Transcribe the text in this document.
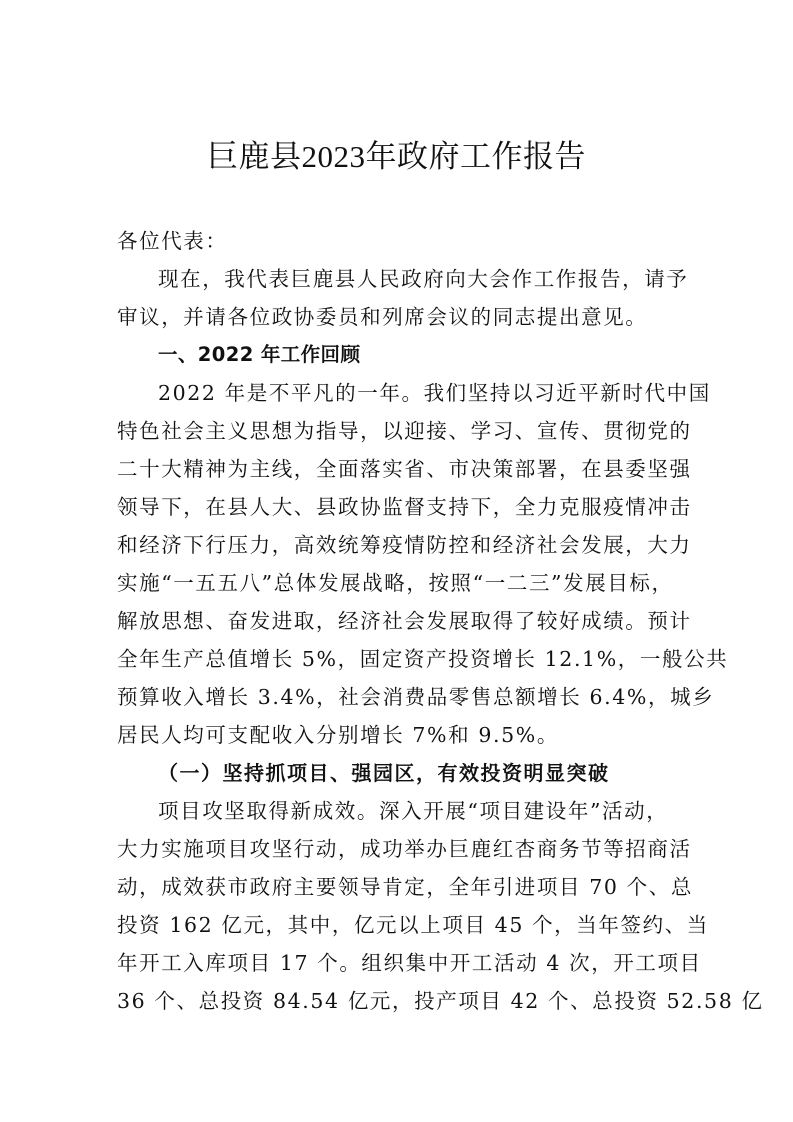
巨鹿县2023年政府工作报告

各位代表：

现在，我代表巨鹿县人民政府向大会作工作报告，请予
审议，并请各位政协委员和列席会议的同志提出意见。

一、2022 年工作回顾

2022 年是不平凡的一年。我们坚持以习近平新时代中国
特色社会主义思想为指导，以迎接、学习、宣传、贯彻党的
二十大精神为主线，全面落实省、市决策部署，在县委坚强
领导下，在县人大、县政协监督支持下，全力克服疫情冲击
和经济下行压力，高效统筹疫情防控和经济社会发展，大力
实施“一五五八”总体发展战略，按照“一二三”发展目标，
解放思想、奋发进取，经济社会发展取得了较好成绩。预计
全年生产总值增长 5%，固定资产投资增长 12.1%，一般公共
预算收入增长 3.4%，社会消费品零售总额增长 6.4%，城乡
居民人均可支配收入分别增长 7%和 9.5%。

（一）坚持抓项目、强园区，有效投资明显突破

项目攻坚取得新成效。深入开展“项目建设年”活动，
大力实施项目攻坚行动，成功举办巨鹿红杏商务节等招商活
动，成效获市政府主要领导肯定，全年引进项目 70 个、总
投资 162 亿元，其中，亿元以上项目 45 个，当年签约、当
年开工入库项目 17 个。组织集中开工活动 4 次，开工项目
36 个、总投资 84.54 亿元，投产项目 42 个、总投资 52.58 亿
